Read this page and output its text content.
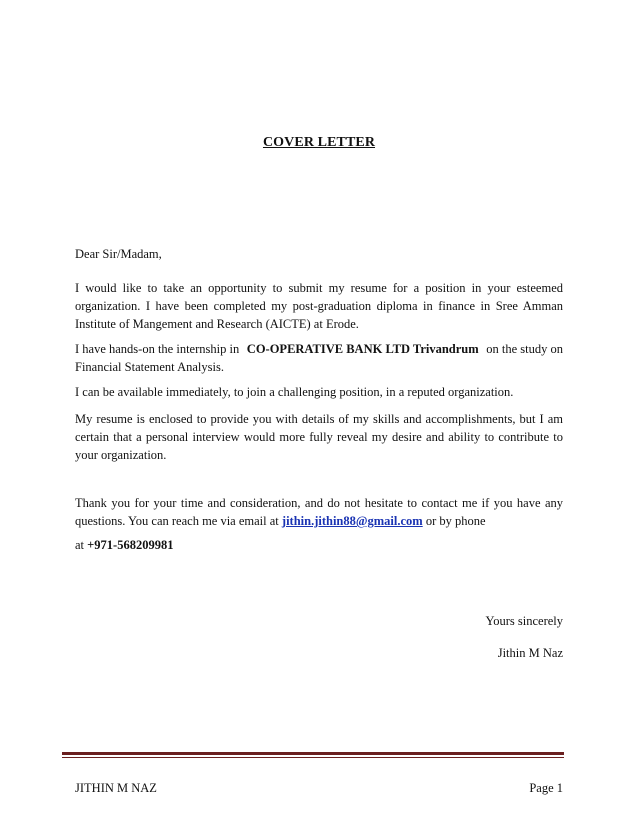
COVER LETTER
Dear Sir/Madam,
I would like to take an opportunity to submit my resume for a position in your esteemed
organization. I have been completed my post-graduation diploma in finance in Sree Amman
Institute of Mangement and Research (AICTE) at Erode.
I have hands-on the internship in CO-OPERATIVE BANK LTD Trivandrum on the study on
Financial Statement Analysis.
I can be available immediately, to join a challenging position, in a reputed organization.
My resume is enclosed to provide you with details of my skills and accomplishments, but I am
certain that a personal interview would more fully reveal my desire and ability to contribute to
your organization.
Thank you for your time and consideration, and do not hesitate to contact me if you have any
questions. You can reach me via email at jithin.jithin88@gmail.com or by phone
at +971-568209981
Yours sincerely
Jithin M Naz
JITHIN M NAZ	Page 1
